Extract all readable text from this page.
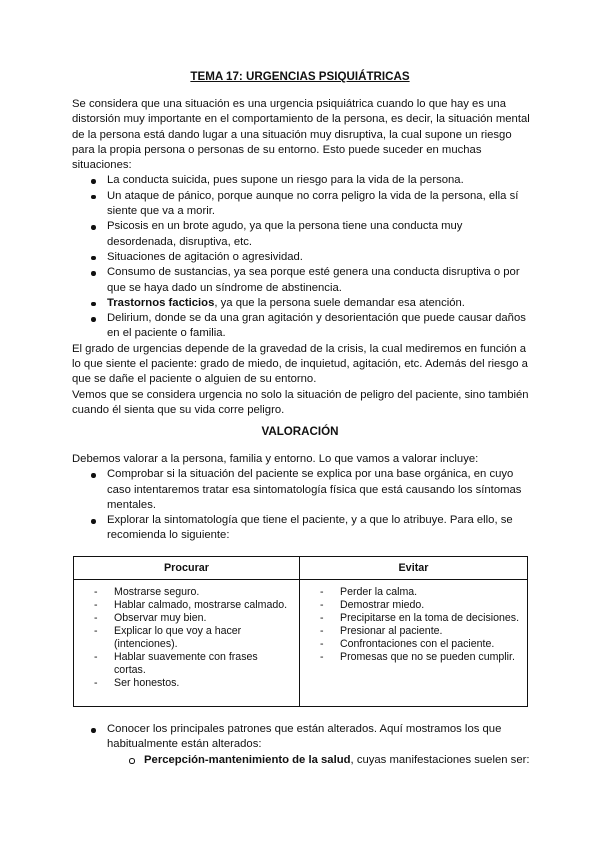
TEMA 17: URGENCIAS PSIQUIÁTRICAS

Se considera que una situación es una urgencia psiquiátrica cuando lo que hay es una distorsión muy importante en el comportamiento de la persona, es decir, la situación mental de la persona está dando lugar a una situación muy disruptiva, la cual supone un riesgo para la propia persona o personas de su entorno. Esto puede suceder en muchas situaciones:

La conducta suicida, pues supone un riesgo para la vida de la persona.
Un ataque de pánico, porque aunque no corra peligro la vida de la persona, ella sí siente que va a morir.
Psicosis en un brote agudo, ya que la persona tiene una conducta muy desordenada, disruptiva, etc.
Situaciones de agitación o agresividad.
Consumo de sustancias, ya sea porque esté genera una conducta disruptiva o por que se haya dado un síndrome de abstinencia.
Trastornos facticios, ya que la persona suele demandar esa atención.
Delirium, donde se da una gran agitación y desorientación que puede causar daños en el paciente o familia.

El grado de urgencias depende de la gravedad de la crisis, la cual mediremos en función a lo que siente el paciente: grado de miedo, de inquietud, agitación, etc. Además del riesgo a que se dañe el paciente o alguien de su entorno.

Vemos que se considera urgencia no solo la situación de peligro del paciente, sino también cuando él sienta que su vida corre peligro.

VALORACIÓN

Debemos valorar a la persona, familia y entorno. Lo que vamos a valorar incluye:

Comprobar si la situación del paciente se explica por una base orgánica, en cuyo caso intentaremos tratar esa sintomatología física que está causando los síntomas mentales.
Explorar la sintomatología que tiene el paciente, y a que lo atribuye. Para ello, se recomienda lo siguiente:
Procurar	Evitar

- Mostrarse seguro.
- Hablar calmado, mostrarse calmado.
- Observar muy bien.
- Explicar lo que voy a hacer (intenciones).
- Hablar suavemente con frases cortas.
- Ser honestos.

- Perder la calma.
- Demostrar miedo.
- Precipitarse en la toma de decisiones.
- Presionar al paciente.
- Confrontaciones con el paciente.
- Promesas que no se pueden cumplir.
Conocer los principales patrones que están alterados. Aquí mostramos los que habitualmente están alterados:
Percepción-mantenimiento de la salud, cuyas manifestaciones suelen ser:
